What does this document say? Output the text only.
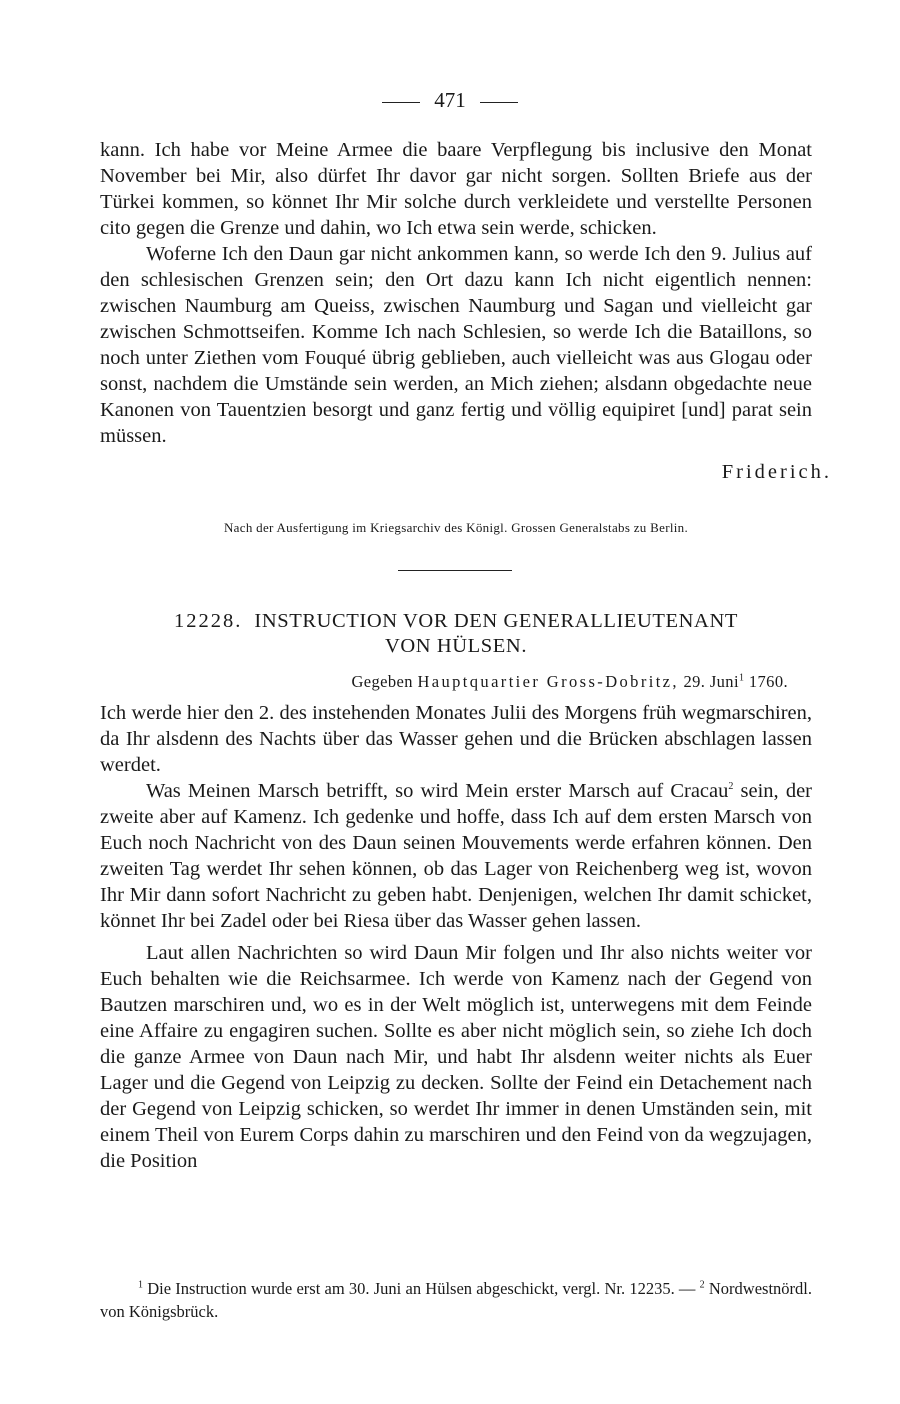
471

kann. Ich habe vor Meine Armee die baare Verpflegung bis inclusive den Monat November bei Mir, also dürfet Ihr davor gar nicht sorgen. Sollten Briefe aus der Türkei kommen, so könnet Ihr Mir solche durch verkleidete und verstellte Personen cito gegen die Grenze und dahin, wo Ich etwa sein werde, schicken.

Woferne Ich den Daun gar nicht ankommen kann, so werde Ich den 9. Julius auf den schlesischen Grenzen sein; den Ort dazu kann Ich nicht eigentlich nennen: zwischen Naumburg am Queiss, zwischen Naumburg und Sagan und vielleicht gar zwischen Schmottseifen. Komme Ich nach Schlesien, so werde Ich die Bataillons, so noch unter Ziethen vom Fouqué übrig geblieben, auch vielleicht was aus Glogau oder sonst, nachdem die Umstände sein werden, an Mich ziehen; alsdann obgedachte neue Kanonen von Tauentzien besorgt und ganz fertig und völlig equipiret [und] parat sein müssen.

Friderich.
Nach der Ausfertigung im Kriegsarchiv des Königl. Grossen Generalstabs zu Berlin.
12228. INSTRUCTION VOR DEN GENERALLIEUTENANT
VON HÜLSEN.
Gegeben Hauptquartier Gross-Dobritz, 29. Juni$^1$ 1760.

Ich werde hier den 2. des instehenden Monates Julii des Morgens früh wegmarschiren, da Ihr alsdenn des Nachts über das Wasser gehen und die Brücken abschlagen lassen werdet.

Was Meinen Marsch betrifft, so wird Mein erster Marsch auf Cracau$^2$ sein, der zweite aber auf Kamenz. Ich gedenke und hoffe, dass Ich auf dem ersten Marsch von Euch noch Nachricht von des Daun seinen Mouvements werde erfahren können. Den zweiten Tag werdet Ihr sehen können, ob das Lager von Reichenberg weg ist, wovon Ihr Mir dann sofort Nachricht zu geben habt. Denjenigen, welchen Ihr damit schicket, könnet Ihr bei Zadel oder bei Riesa über das Wasser gehen lassen.

Laut allen Nachrichten so wird Daun Mir folgen und Ihr also nichts weiter vor Euch behalten wie die Reichsarmee. Ich werde von Kamenz nach der Gegend von Bautzen marschiren und, wo es in der Welt möglich ist, unterwegens mit dem Feinde eine Affaire zu engagiren suchen. Sollte es aber nicht möglich sein, so ziehe Ich doch die ganze Armee von Daun nach Mir, und habt Ihr alsdenn weiter nichts als Euer Lager und die Gegend von Leipzig zu decken. Sollte der Feind ein Detachement nach der Gegend von Leipzig schicken, so werdet Ihr immer in denen Umständen sein, mit einem Theil von Eurem Corps dahin zu marschiren und den Feind von da wegzujagen, die Position

$^1$ Die Instruction wurde erst am 30. Juni an Hülsen abgeschickt, vergl. Nr. 12235. — $^2$ Nordwestnördl. von Königsbrück.
